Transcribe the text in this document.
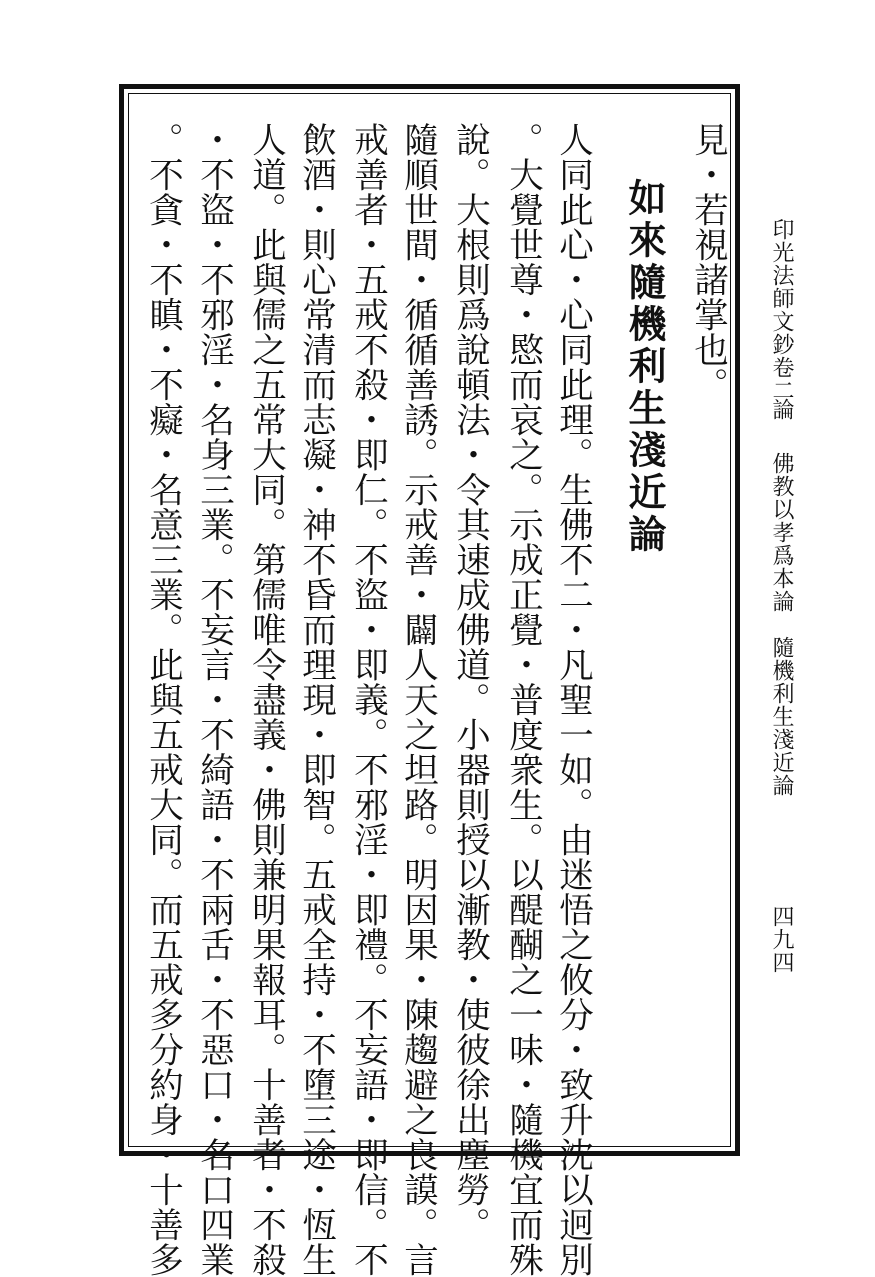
見・若視諸掌也。
如來隨機利生淺近論
人同此心・心同此理。生佛不二・凡聖一如。由迷悟之攸分・致升沈以迥別
。大覺世尊・愍而哀之。示成正覺・普度衆生。以醍醐之一味・隨機宜而殊
說。大根則爲說頓法・令其速成佛道。小器則授以漸教・使彼徐出塵勞。
隨順世間・循循善誘。示戒善・闢人天之坦路。明因果・陳趨避之良謨。言
戒善者・五戒不殺・即仁。不盜・即義。不邪淫・即禮。不妄語・即信。不
飲酒・則心常清而志凝・神不昏而理現・即智。五戒全持・不墮三途・恆生
人道。此與儒之五常大同。第儒唯令盡義・佛則兼明果報耳。十善者・不殺
・不盜・不邪淫・名身三業。不妄言・不綺語・不兩舌・不惡口・名口四業
。不貪・不瞋・不癡・名意三業。此與五戒大同。而五戒多分約身・十善多	印光法師文鈔卷二
論
佛教以孝爲本論　隨機利生淺近論
四九四
